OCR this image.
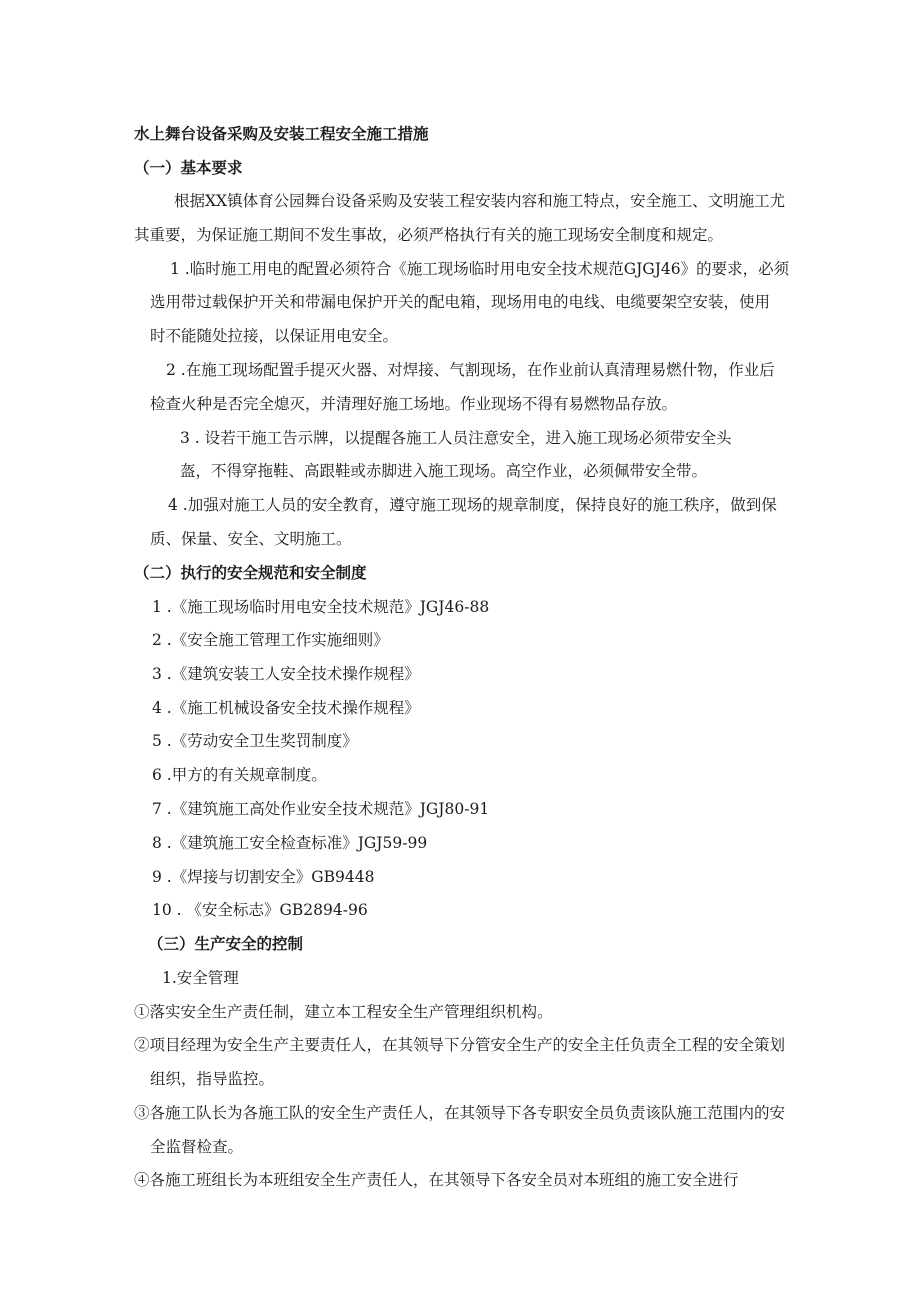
水上舞台设备采购及安装工程安全施工措施
（一）基本要求
根据XX镇体育公园舞台设备采购及安装工程安装内容和施工特点，安全施工、文明施工尤
其重要，为保证施工期间不发生事故，必须严格执行有关的施工现场安全制度和规定。
1 .临时施工用电的配置必须符合《施工现场临时用电安全技术规范GJGJ46》的要求，必须
选用带过载保护开关和带漏电保护开关的配电箱，现场用电的电线、电缆要架空安装，使用
时不能随处拉接，以保证用电安全。
2 .在施工现场配置手提灭火器、对焊接、气割现场，在作业前认真清理易燃什物，作业后
检查火种是否完全熄灭，并清理好施工场地。作业现场不得有易燃物品存放。
3 . 设若干施工告示牌，以提醒各施工人员注意安全，进入施工现场必须带安全头
盔，不得穿拖鞋、高跟鞋或赤脚进入施工现场。高空作业，必须佩带安全带。
4 .加强对施工人员的安全教育，遵守施工现场的规章制度，保持良好的施工秩序，做到保
质、保量、安全、文明施工。
（二）执行的安全规范和安全制度
1 .《施工现场临时用电安全技术规范》JGJ46-88
2 .《安全施工管理工作实施细则》
3 .《建筑安装工人安全技术操作规程》
4 .《施工机械设备安全技术操作规程》
5 .《劳动安全卫生奖罚制度》
6 .甲方的有关规章制度。
7 .《建筑施工高处作业安全技术规范》JGJ80-91
8 .《建筑施工安全检查标准》JGJ59-99
9 .《焊接与切割安全》GB9448
10 . 《安全标志》GB2894-96
（三）生产安全的控制
1.安全管理
①落实安全生产责任制，建立本工程安全生产管理组织机构。
②项目经理为安全生产主要责任人，在其领导下分管安全生产的安全主任负责全工程的安全策划
组织，指导监控。
③各施工队长为各施工队的安全生产责任人，在其领导下各专职安全员负责该队施工范围内的安
全监督检查。
④各施工班组长为本班组安全生产责任人，在其领导下各安全员对本班组的施工安全进行
